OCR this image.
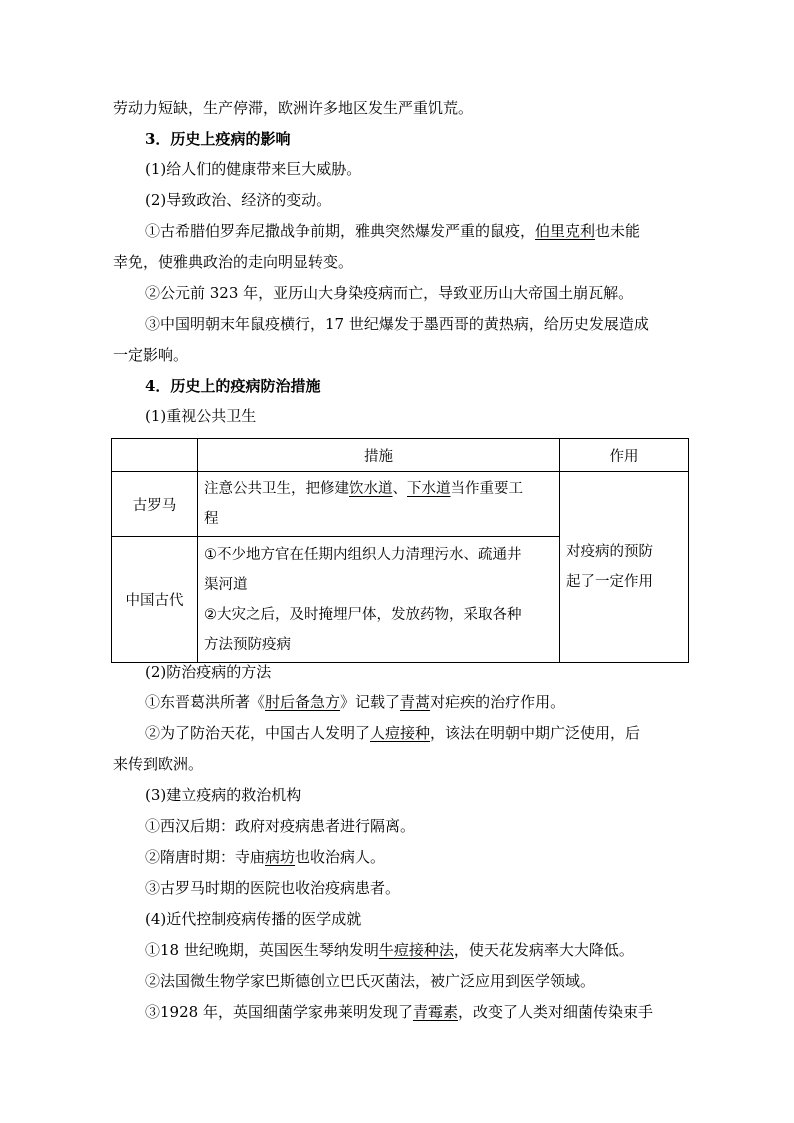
劳动力短缺，生产停滞，欧洲许多地区发生严重饥荒。
3．历史上疫病的影响
(1)给人们的健康带来巨大威胁。
(2)导致政治、经济的变动。
①古希腊伯罗奔尼撒战争前期，雅典突然爆发严重的鼠疫，伯里克利也未能
幸免，使雅典政治的走向明显转变。
②公元前 323 年，亚历山大身染疫病而亡，导致亚历山大帝国土崩瓦解。
③中国明朝末年鼠疫横行，17 世纪爆发于墨西哥的黄热病，给历史发展造成
一定影响。
4．历史上的疫病防治措施
(1)重视公共卫生
	措施	作用
古罗马	注意公共卫生，把修建饮水道、下水道当作重要工
程	对疫病的预防
起了一定作用
中国古代	①不少地方官在任期内组织人力清理污水、疏通井
渠河道
②大灾之后，及时掩埋尸体，发放药物，采取各种
方法预防疫病	
(2)防治疫病的方法
①东晋葛洪所著《肘后备急方》记载了青蒿对疟疾的治疗作用。
②为了防治天花，中国古人发明了人痘接种，该法在明朝中期广泛使用，后
来传到欧洲。
(3)建立疫病的救治机构
①西汉后期：政府对疫病患者进行隔离。
②隋唐时期：寺庙病坊也收治病人。
③古罗马时期的医院也收治疫病患者。
(4)近代控制疫病传播的医学成就
①18 世纪晚期，英国医生琴纳发明牛痘接种法，使天花发病率大大降低。
②法国微生物学家巴斯德创立巴氏灭菌法，被广泛应用到医学领域。
③1928 年，英国细菌学家弗莱明发现了青霉素，改变了人类对细菌传染束手
